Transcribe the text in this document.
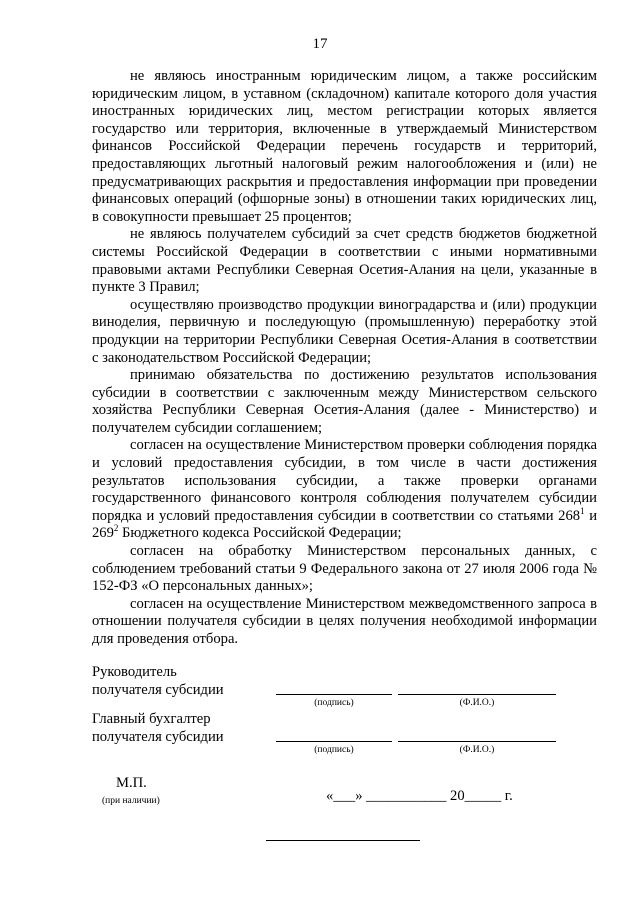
17

не являюсь иностранным юридическим лицом, а также российским юридическим лицом, в уставном (складочном) капитале которого доля участия иностранных юридических лиц, местом регистрации которых является государство или территория, включенные в утверждаемый Министерством финансов Российской Федерации перечень государств и территорий, предоставляющих льготный налоговый режим налогообложения и (или) не предусматривающих раскрытия и предоставления информации при проведении финансовых операций (офшорные зоны) в отношении таких юридических лиц, в совокупности превышает 25 процентов;

не являюсь получателем субсидий за счет средств бюджетов бюджетной системы Российской Федерации в соответствии с иными нормативными правовыми актами Республики Северная Осетия-Алания на цели, указанные в пункте 3 Правил;

осуществляю производство продукции виноградарства и (или) продукции виноделия, первичную и последующую (промышленную) переработку этой продукции на территории Республики Северная Осетия-Алания в соответствии с законодательством Российской Федерации;

принимаю обязательства по достижению результатов использования субсидии в соответствии с заключенным между Министерством сельского хозяйства Республики Северная Осетия-Алания (далее - Министерство) и получателем субсидии соглашением;

согласен на осуществление Министерством проверки соблюдения порядка и условий предоставления субсидии, в том числе в части достижения результатов использования субсидии, а также проверки органами государственного финансового контроля соблюдения получателем субсидии порядка и условий предоставления субсидии в соответствии со статьями $268^1$ и $269^2$ Бюджетного кодекса Российской Федерации;

согласен на обработку Министерством персональных данных, с соблюдением требований статьи 9 Федерального закона от 27 июля 2006 года № 152-ФЗ «О персональных данных»;

согласен на осуществление Министерством межведомственного запроса в отношении получателя субсидии в целях получения необходимой информации для проведения отбора.

Руководитель
получателя субсидии
(подпись)	(Ф.И.О.)
Главный бухгалтер
получателя субсидии
(подпись)	(Ф.И.О.)
М.П.
(при наличии)	«___» ___________ 20_____ г.
